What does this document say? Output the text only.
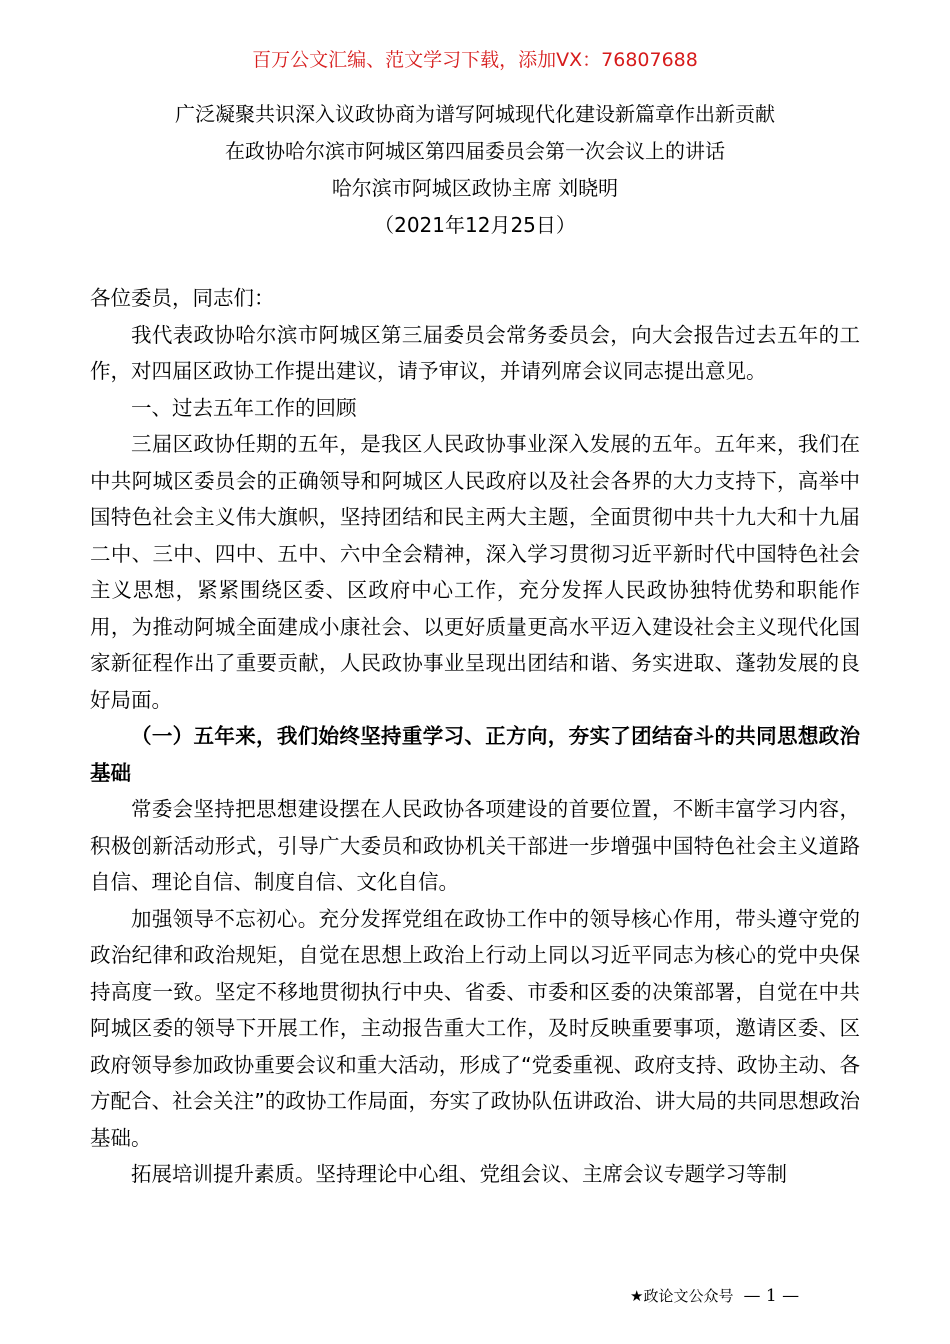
百万公文汇编、范文学习下载，添加VX：76807688
广泛凝聚共识深入议政协商为谱写阿城现代化建设新篇章作出新贡献
在政协哈尔滨市阿城区第四届委员会第一次会议上的讲话
哈尔滨市阿城区政协主席 刘晓明
（2021年12月25日）

各位委员，同志们：

我代表政协哈尔滨市阿城区第三届委员会常务委员会，向大会报告过去五年的工作，对四届区政协工作提出建议，请予审议，并请列席会议同志提出意见。

一、过去五年工作的回顾

三届区政协任期的五年，是我区人民政协事业深入发展的五年。五年来，我们在中共阿城区委员会的正确领导和阿城区人民政府以及社会各界的大力支持下，高举中国特色社会主义伟大旗帜，坚持团结和民主两大主题，全面贯彻中共十九大和十九届二中、三中、四中、五中、六中全会精神，深入学习贯彻习近平新时代中国特色社会主义思想，紧紧围绕区委、区政府中心工作，充分发挥人民政协独特优势和职能作用，为推动阿城全面建成小康社会、以更好质量更高水平迈入建设社会主义现代化国家新征程作出了重要贡献，人民政协事业呈现出团结和谐、务实进取、蓬勃发展的良好局面。

（一）五年来，我们始终坚持重学习、正方向，夯实了团结奋斗的共同思想政治基础

常委会坚持把思想建设摆在人民政协各项建设的首要位置，不断丰富学习内容，积极创新活动形式，引导广大委员和政协机关干部进一步增强中国特色社会主义道路自信、理论自信、制度自信、文化自信。

加强领导不忘初心。充分发挥党组在政协工作中的领导核心作用，带头遵守党的政治纪律和政治规矩，自觉在思想上政治上行动上同以习近平同志为核心的党中央保持高度一致。坚定不移地贯彻执行中央、省委、市委和区委的决策部署，自觉在中共阿城区委的领导下开展工作，主动报告重大工作，及时反映重要事项，邀请区委、区政府领导参加政协重要会议和重大活动，形成了“党委重视、政府支持、政协主动、各方配合、社会关注”的政协工作局面，夯实了政协队伍讲政治、讲大局的共同思想政治基础。

拓展培训提升素质。坚持理论中心组、党组会议、主席会议专题学习等制

★政论文公众号 — 1 —
